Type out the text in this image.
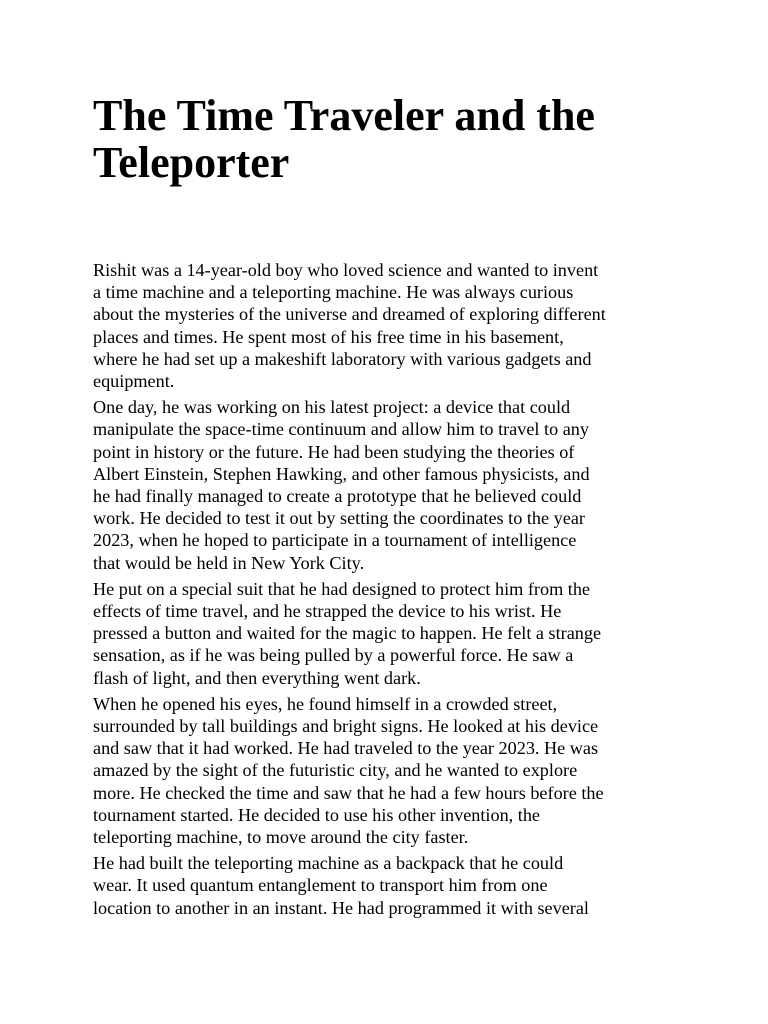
The Time Traveler and the Teleporter

Rishit was a 14-year-old boy who loved science and wanted to invent
a time machine and a teleporting machine. He was always curious
about the mysteries of the universe and dreamed of exploring different
places and times. He spent most of his free time in his basement,
where he had set up a makeshift laboratory with various gadgets and
equipment.

One day, he was working on his latest project: a device that could
manipulate the space-time continuum and allow him to travel to any
point in history or the future. He had been studying the theories of
Albert Einstein, Stephen Hawking, and other famous physicists, and
he had finally managed to create a prototype that he believed could
work. He decided to test it out by setting the coordinates to the year
2023, when he hoped to participate in a tournament of intelligence
that would be held in New York City.

He put on a special suit that he had designed to protect him from the
effects of time travel, and he strapped the device to his wrist. He
pressed a button and waited for the magic to happen. He felt a strange
sensation, as if he was being pulled by a powerful force. He saw a
flash of light, and then everything went dark.

When he opened his eyes, he found himself in a crowded street,
surrounded by tall buildings and bright signs. He looked at his device
and saw that it had worked. He had traveled to the year 2023. He was
amazed by the sight of the futuristic city, and he wanted to explore
more. He checked the time and saw that he had a few hours before the
tournament started. He decided to use his other invention, the
teleporting machine, to move around the city faster.

He had built the teleporting machine as a backpack that he could
wear. It used quantum entanglement to transport him from one
location to another in an instant. He had programmed it with several
